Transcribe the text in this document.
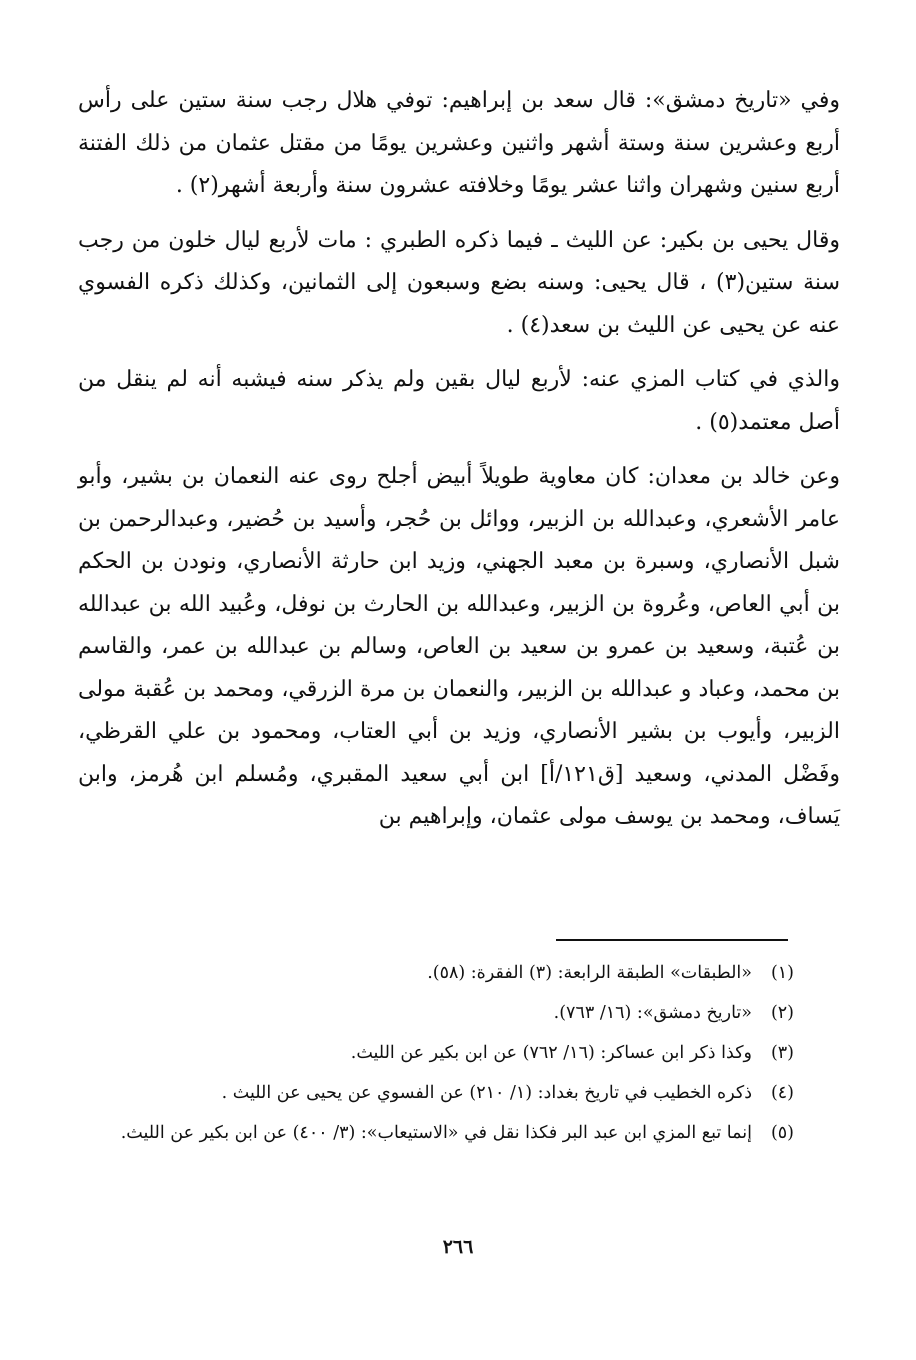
وفي «تاريخ دمشق»: قال سعد بن إبراهيم: توفي هلال رجب سنة ستين على رأس أربع وعشرين سنة وستة أشهر واثنين وعشرين يومًا من مقتل عثمان من ذلك الفتنة أربع سنين وشهران واثنا عشر يومًا وخلافته عشرون سنة وأربعة أشهر(٢) .

وقال يحيى بن بكير: عن الليث ـ فيما ذكره الطبري : مات لأربع ليال خلون من رجب سنة ستين(٣) ، قال يحيى: وسنه بضع وسبعون إلى الثمانين، وكذلك ذكره الفسوي عنه عن يحيى عن الليث بن سعد(٤) .

والذي في كتاب المزي عنه: لأربع ليال بقين ولم يذكر سنه فيشبه أنه لم ينقل من أصل معتمد(٥) .

وعن خالد بن معدان: كان معاوية طويلاً أبيض أجلح روى عنه النعمان بن بشير، وأبو عامر الأشعري، وعبدالله بن الزبير، ووائل بن حُجر، وأسيد بن حُضير، وعبدالرحمن بن شبل الأنصاري، وسبرة بن معبد الجهني، وزيد ابن حارثة الأنصاري، ونودن بن الحكم بن أبي العاص، وعُروة بن الزبير، وعبدالله بن الحارث بن نوفل، وعُبيد الله بن عبدالله بن عُتبة، وسعيد بن عمرو بن سعيد بن العاص، وسالم بن عبدالله بن عمر، والقاسم بن محمد، وعباد و عبدالله بن الزبير، والنعمان بن مرة الزرقي، ومحمد بن عُقبة مولى الزبير، وأيوب بن بشير الأنصاري، وزيد بن أبي العتاب، ومحمود بن علي القرظي، وفَضْل المدني، وسعيد [ق١٢١/أ] ابن أبي سعيد المقبري، ومُسلم ابن هُرمز، وابن يَساف، ومحمد بن يوسف مولى عثمان، وإبراهيم بن

(١)
«الطبقات» الطبقة الرابعة: (٣) الفقرة: (٥٨).
(٢)
«تاريخ دمشق»: (١٦/ ٧٦٣).
(٣)
وكذا ذكر ابن عساكر: (١٦/ ٧٦٢) عن ابن بكير عن الليث.
(٤)
ذكره الخطيب في تاريخ بغداد: (١/ ٢١٠) عن الفسوي عن يحيى عن الليث .
(٥)
إنما تبع المزي ابن عبد البر فكذا نقل في «الاستيعاب»: (٣/ ٤٠٠) عن ابن بكير عن الليث.
٢٦٦
